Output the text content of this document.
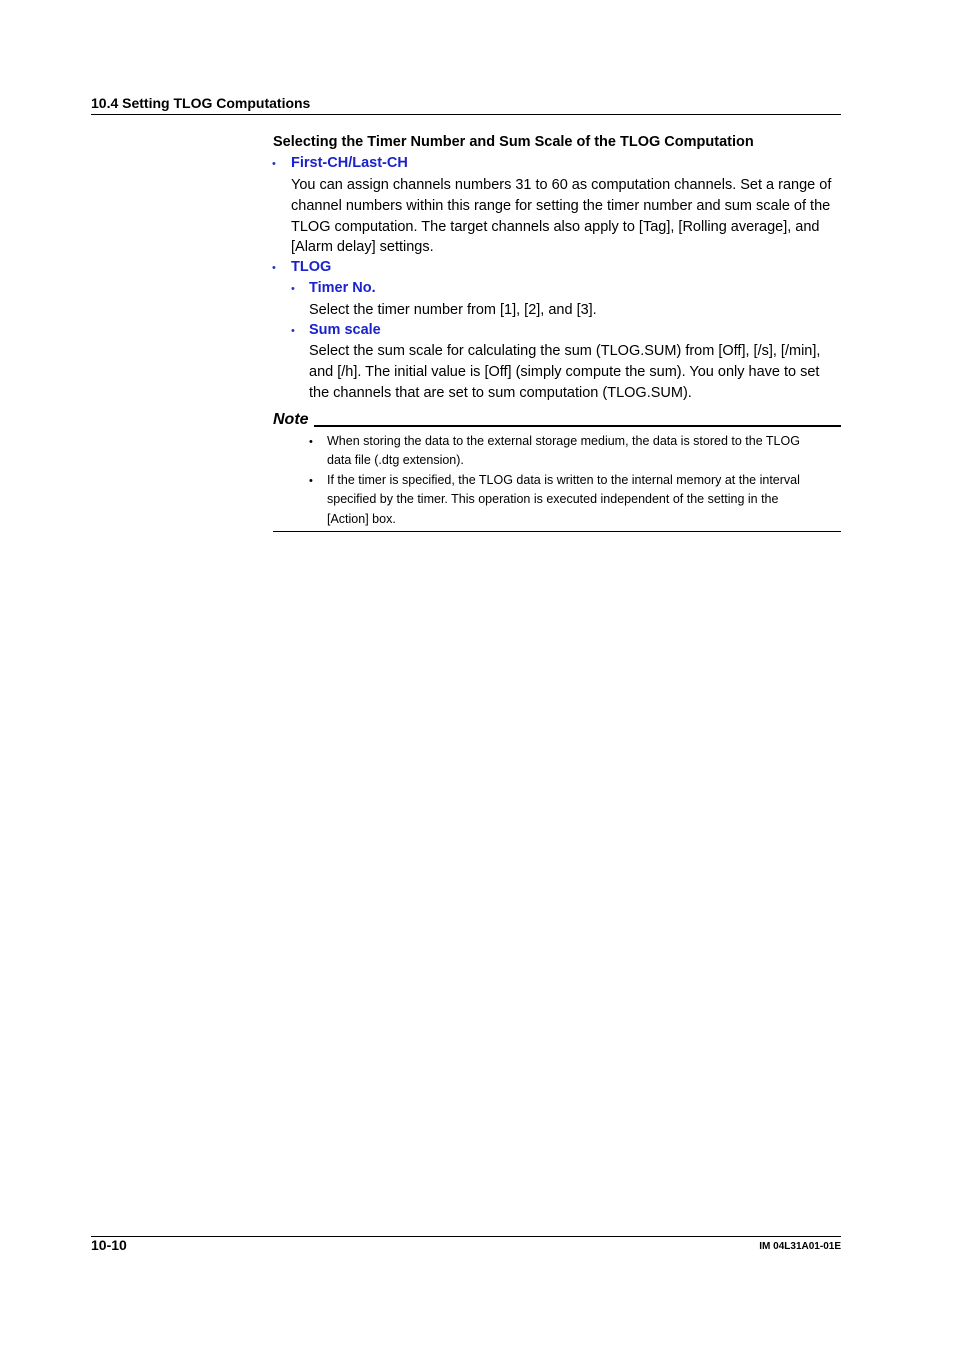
10.4 Setting TLOG Computations
Selecting the Timer Number and Sum Scale of the TLOG Computation
• First-CH/Last-CH
You can assign channels numbers 31 to 60 as computation channels. Set a range of
channel numbers within this range for setting the timer number and sum scale of the
TLOG computation. The target channels also apply to [Tag], [Rolling average], and
[Alarm delay] settings.
• TLOG
• Timer No.
Select the timer number from [1], [2], and [3].
• Sum scale
Select the sum scale for calculating the sum (TLOG.SUM) from [Off], [/s], [/min],
and [/h]. The initial value is [Off] (simply compute the sum). You only have to set
the channels that are set to sum computation (TLOG.SUM).
Note
• When storing the data to the external storage medium, the data is stored to the TLOG
data file (.dtg extension).
• If the timer is specified, the TLOG data is written to the internal memory at the interval
specified by the timer. This operation is executed independent of the setting in the
[Action] box.
10-10	IM 04L31A01-01E
